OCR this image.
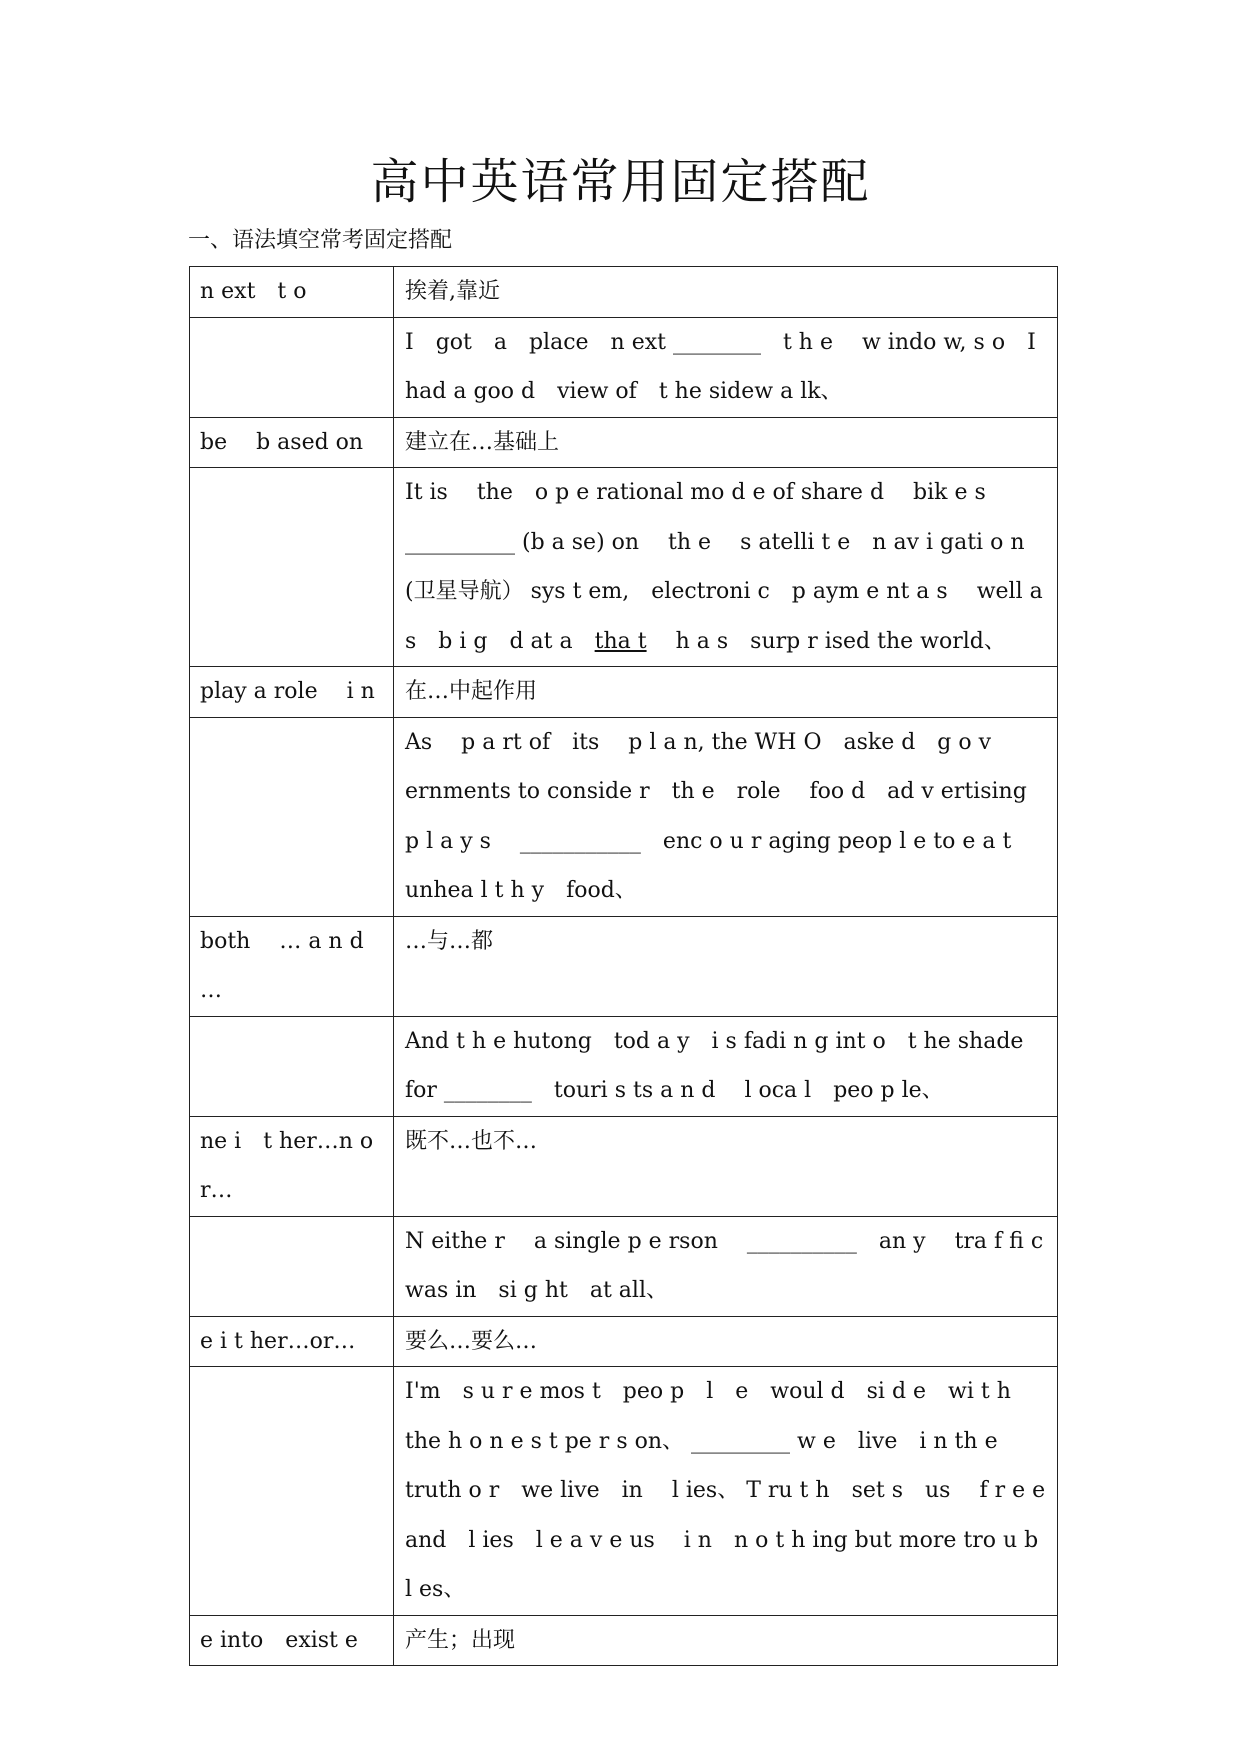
高中英语常用固定搭配
一、语法填空常考固定搭配
n ext　t o	挨着,靠近
	I　got　a　place　n ext ________　t h e　 w indo w, s o　I　 had a goo d　view of　t he sidew a lk、
be　 b ased on	建立在…基础上
	It is　 the　o p e rational mo d e of share d　 bik e s　 __________ (b a se) on　 th e　 s atelli t e　n av i gati o n　(卫星导航） sys t em,　electroni c　p aym e nt a s　 well a s　b i g　d at a　tha t　 h a s　surp r ised the world、
play a role　 i n	在…中起作用
	As　 p a rt of　its　 p l a n, the WH O　aske d　g o v ernments to conside r　th e　role　 foo d　ad v ertising p l a y s　 ___________　enc o u r aging peop l e to e a t　unhea l t h y　food、
both　 … a n d　 …	…与…都
	And t h e hutong　tod a y　i s fadi n g int o　t he shade　for ________　touri s ts a n d　 l oca l　peo p le、
ne i　t her…n o r…	既不…也不…
	N eithe r　 a single p e rson　 __________　an y　 tra f fi c　was in　si g ht　at all、
e i t her…or…	要么…要么…
	I'm　s u r e mos t　peo p　l　e　woul d　si d e　wi t h the h o n e s t pe r s on、 _________ w e　live　i n th e　 truth o r　we live　in　 l ies、 T ru t h　set s　us　 f r e e and　l ies　l e a v e us　 i n　n o t h ing but more tro u b　l es、
e into　exist e	产生；出现
